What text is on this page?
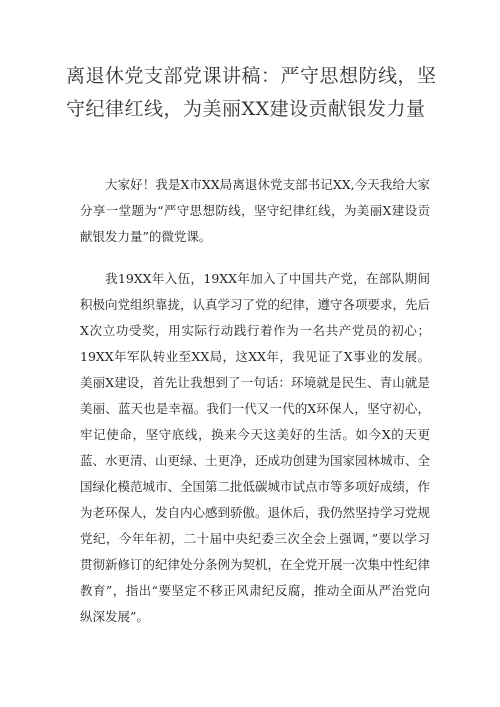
离退休党支部党课讲稿：严守思想防线，坚守纪律红线，为美丽XX建设贡献银发力量

大家好！我是X市XX局离退休党支部书记XX,今天我给大家分享一堂题为“严守思想防线，坚守纪律红线，为美丽X建设贡献银发力量”的微党课。

我19XX年入伍，19XX年加入了中国共产党，在部队期间积极向党组织靠拢，认真学习了党的纪律，遵守各项要求，先后X次立功受奖，用实际行动践行着作为一名共产党员的初心；19XX年军队转业至XX局，这XX年，我见证了X事业的发展。美丽X建设，首先让我想到了一句话：环境就是民生、青山就是美丽、蓝天也是幸福。我们一代又一代的X环保人，坚守初心，牢记使命，坚守底线，换来今天这美好的生活。如今X的天更蓝、水更清、山更绿、土更净，还成功创建为国家园林城市、全国绿化模范城市、全国第二批低碳城市试点市等多项好成绩，作为老环保人，发自内心感到骄傲。退休后，我仍然坚持学习党规党纪，今年年初，二十届中央纪委三次全会上强调，”要以学习贯彻新修订的纪律处分条例为契机，在全党开展一次集中性纪律教育”，指出“要坚定不移正风肃纪反腐，推动全面从严治党向纵深发展”。
